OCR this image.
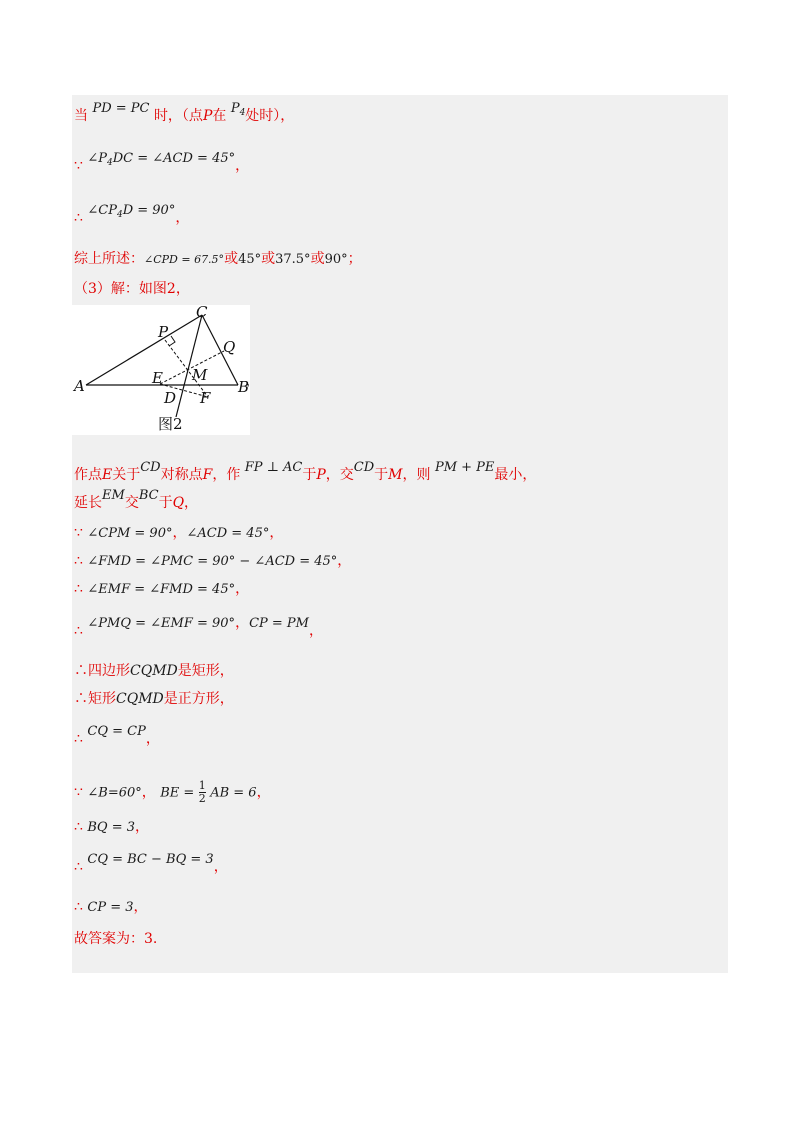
当 PD = PC 时，（点P在 $P_4$处时），
∵ $\angle P_4DC$ = ∠ACD = 45°，
∴ $\angle CP_4D = 90^\circ$，
综上所述：∠CPD = 67.5°或45°或37.5°或90°；
（3）解：如图2，
A	B
，
C
P
Q
E M
D F
图2
作点E关于CD对称点F，作 FP ⊥ AC于P，交CD于M，则 PM + PE最小，
延长EM交BC于Q，
∵ ∠CPM = 90°，∠ACD = 45°，
∴ ∠FMD = ∠PMC = 90° − ∠ACD = 45°，
∴ ∠EMF = ∠FMD = 45°，
∴ ∠PMQ = ∠EMF = 90°，CP = PM，
∴四边形CQMD是矩形，
∴矩形CQMD是正方形，
∴ CQ = CP，
∵ ∠B=60°， BE = $\frac{1}{2}$ AB = 6，
∴ BQ = 3，
∴ CQ = BC − BQ = 3，
∴ CP = 3，
故答案为：3.
